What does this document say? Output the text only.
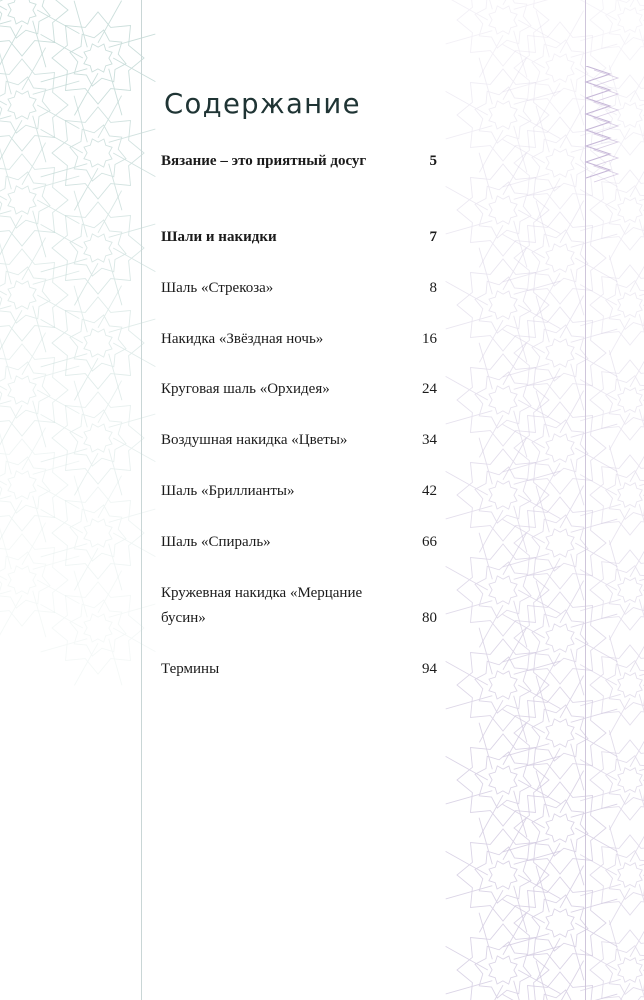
Содержание
Вязание – это приятный досуг	5
Шали и накидки	7
Шаль «Стрекоза»	8
Накидка «Звёздная ночь»	16
Круговая шаль «Орхидея»	24
Воздушная накидка «Цветы»	34
Шаль «Бриллианты»	42
Шаль «Спираль»	66
Кружевная накидка «Мерцание бусин»	80
Термины	94
